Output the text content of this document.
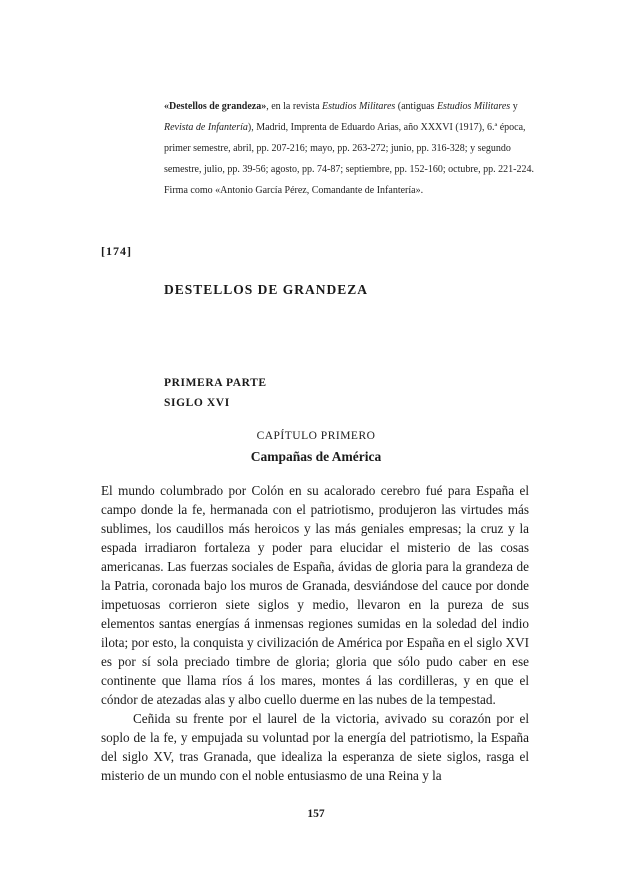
«Destellos de grandeza», en la revista Estudios Militares (antiguas Estudios Militares y Revista de Infantería), Madrid, Imprenta de Eduardo Arias, año XXXVI (1917), 6.ª época, primer semestre, abril, pp. 207-216; mayo, pp. 263-272; junio, pp. 316-328; y segundo semestre, julio, pp. 39-56; agosto, pp. 74-87; septiembre, pp. 152-160; octubre, pp. 221-224. Firma como «Antonio García Pérez, Comandante de Infantería».
[174]
DESTELLOS DE GRANDEZA
PRIMERA PARTE
SIGLO XVI
CAPÍTULO PRIMERO
Campañas de América

El mundo columbrado por Colón en su acalorado cerebro fué para España el campo donde la fe, hermanada con el patriotismo, produjeron las virtudes más sublimes, los caudillos más heroicos y las más geniales empresas; la cruz y la espada irradiaron fortaleza y poder para elucidar el misterio de las cosas americanas. Las fuerzas sociales de España, ávidas de gloria para la grandeza de la Patria, coronada bajo los muros de Granada, desviándose del cauce por donde impetuosas corrieron siete siglos y medio, llevaron en la pureza de sus elementos santas energías á inmensas regiones sumidas en la soledad del indio ilota; por esto, la conquista y civilización de América por España en el siglo XVI es por sí sola preciado timbre de gloria; gloria que sólo pudo caber en ese continente que llama ríos á los mares, montes á las cordilleras, y en que el cóndor de atezadas alas y albo cuello duerme en las nubes de la tempestad.

Ceñida su frente por el laurel de la victoria, avivado su corazón por el soplo de la fe, y empujada su voluntad por la energía del patriotismo, la España del siglo XV, tras Granada, que idealiza la esperanza de siete siglos, rasga el misterio de un mundo con el noble entusiasmo de una Reina y la

157
